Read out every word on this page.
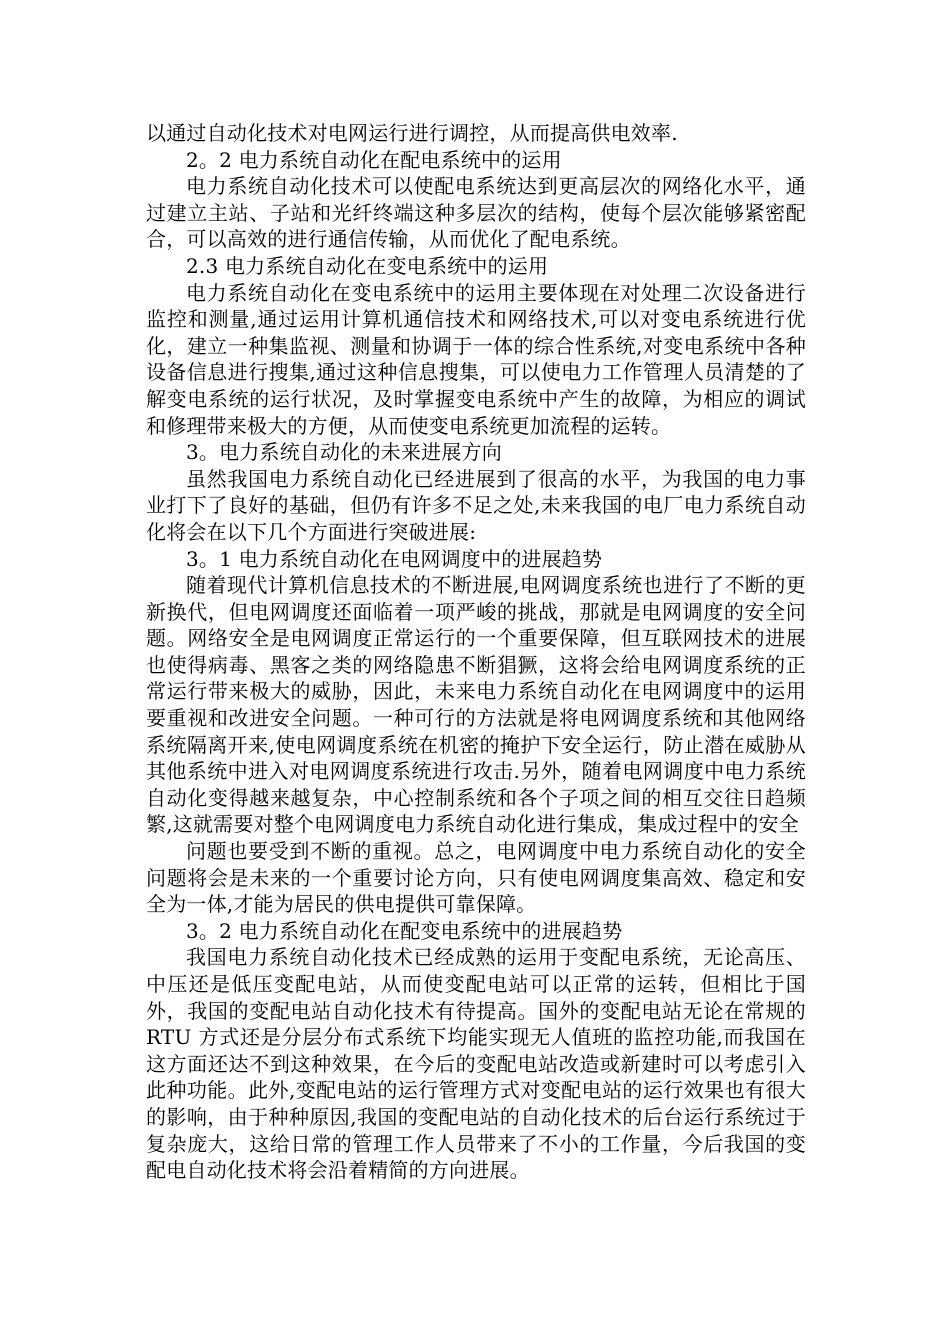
以通过自动化技术对电网运行进行调控，从而提高供电效率.

2。2 电力系统自动化在配电系统中的运用

电力系统自动化技术可以使配电系统达到更高层次的网络化水平，通过建立主站、子站和光纤终端这种多层次的结构，使每个层次能够紧密配合，可以高效的进行通信传输，从而优化了配电系统。

2.3 电力系统自动化在变电系统中的运用

电力系统自动化在变电系统中的运用主要体现在对处理二次设备进行监控和测量,通过运用计算机通信技术和网络技术,可以对变电系统进行优化，建立一种集监视、测量和协调于一体的综合性系统,对变电系统中各种设备信息进行搜集,通过这种信息搜集，可以使电力工作管理人员清楚的了解变电系统的运行状况，及时掌握变电系统中产生的故障，为相应的调试和修理带来极大的方便，从而使变电系统更加流程的运转。

3。电力系统自动化的未来进展方向

虽然我国电力系统自动化已经进展到了很高的水平，为我国的电力事业打下了良好的基础，但仍有许多不足之处,未来我国的电厂电力系统自动化将会在以下几个方面进行突破进展:

3。1 电力系统自动化在电网调度中的进展趋势

随着现代计算机信息技术的不断进展,电网调度系统也进行了不断的更新换代，但电网调度还面临着一项严峻的挑战，那就是电网调度的安全问题。网络安全是电网调度正常运行的一个重要保障，但互联网技术的进展也使得病毒、黑客之类的网络隐患不断猖獗，这将会给电网调度系统的正常运行带来极大的威胁，因此，未来电力系统自动化在电网调度中的运用要重视和改进安全问题。一种可行的方法就是将电网调度系统和其他网络系统隔离开来,使电网调度系统在机密的掩护下安全运行，防止潜在威胁从其他系统中进入对电网调度系统进行攻击.另外，随着电网调度中电力系统自动化变得越来越复杂，中心控制系统和各个子项之间的相互交往日趋频繁,这就需要对整个电网调度电力系统自动化进行集成，集成过程中的安全

问题也要受到不断的重视。总之，电网调度中电力系统自动化的安全问题将会是未来的一个重要讨论方向，只有使电网调度集高效、稳定和安全为一体,才能为居民的供电提供可靠保障。

3。2 电力系统自动化在配变电系统中的进展趋势

我国电力系统自动化技术已经成熟的运用于变配电系统，无论高压、中压还是低压变配电站，从而使变配电站可以正常的运转，但相比于国外，我国的变配电站自动化技术有待提高。国外的变配电站无论在常规的 RTU 方式还是分层分布式系统下均能实现无人值班的监控功能,而我国在这方面还达不到这种效果，在今后的变配电站改造或新建时可以考虑引入此种功能。此外,变配电站的运行管理方式对变配电站的运行效果也有很大的影响，由于种种原因,我国的变配电站的自动化技术的后台运行系统过于复杂庞大，这给日常的管理工作人员带来了不小的工作量，今后我国的变配电自动化技术将会沿着精简的方向进展。
